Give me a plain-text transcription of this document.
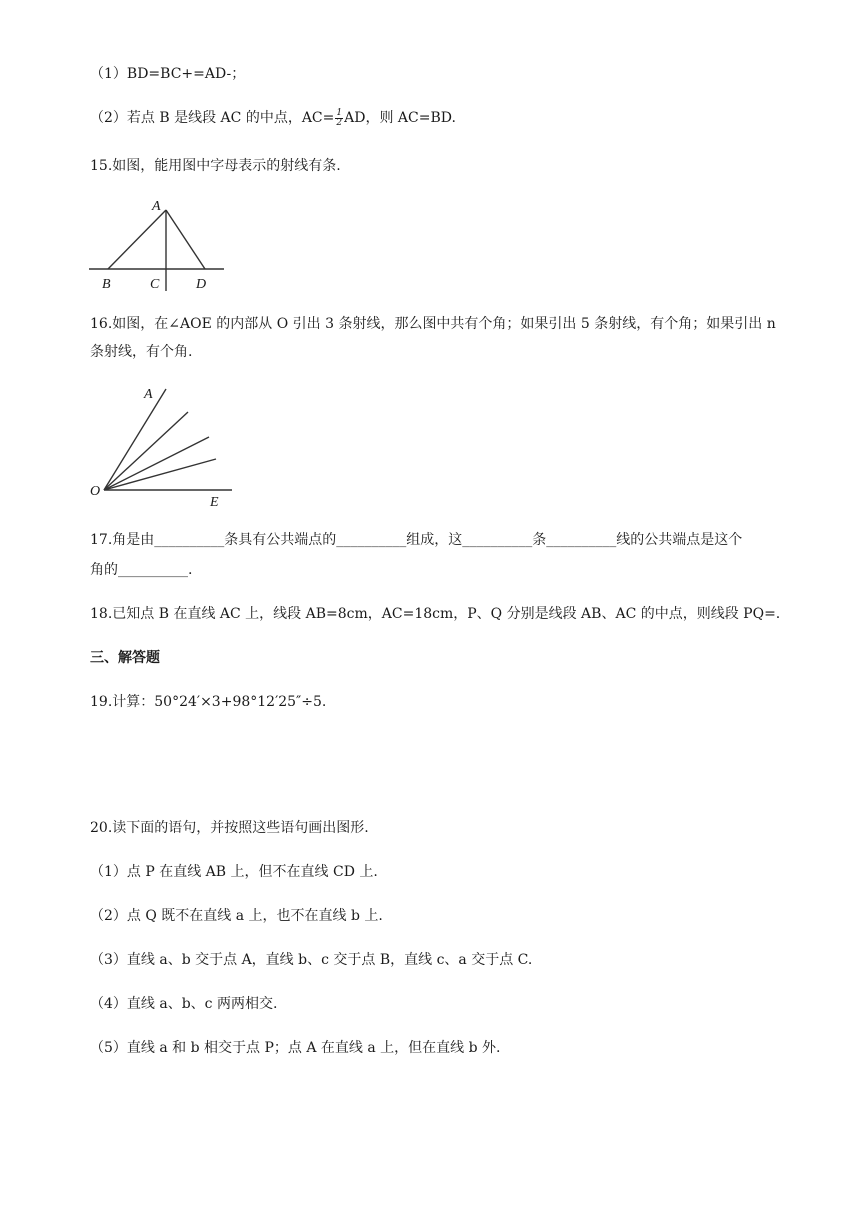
（1）BD=BC+=AD-；
（2）若点 B 是线段 AC 的中点，$AC= \frac{1}{2}$ AD，则 AC=BD.
15.如图，能用图中字母表示的射线有条.
A
B	C	D
16.如图，在∠AOE 的内部从 O 引出 3 条射线，那么图中共有个角；如果引出 5 条射线，有个角；如果引出 n
条射线，有个角.
A
O
E
17.角是由__________条具有公共端点的__________组成，这__________条__________线的公共端点是这个
角的__________.
18.已知点 B 在直线 AC 上，线段 AB=8cm，AC=18cm，P、Q 分别是线段 AB、AC 的中点，则线段 PQ=.
三、解答题
19.计算：50°24′×3+98°12′25″÷5.
20.读下面的语句，并按照这些语句画出图形.
（1）点 P 在直线 AB 上，但不在直线 CD 上.
（2）点 Q 既不在直线 a 上，也不在直线 b 上.
（3）直线 a、b 交于点 A，直线 b、c 交于点 B，直线 c、a 交于点 C.
（4）直线 a、b、c 两两相交.
（5）直线 a 和 b 相交于点 P；点 A 在直线 a 上，但在直线 b 外.
